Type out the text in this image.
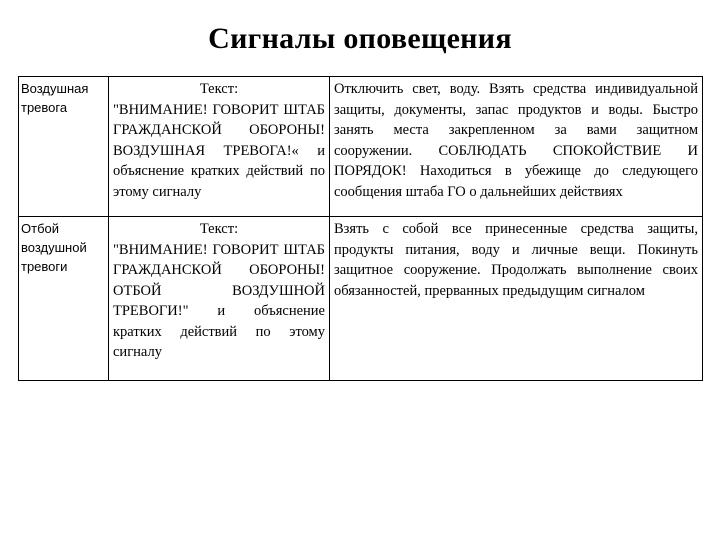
Сигналы оповещения
Воздушная
тревога	Текст:
"ВНИМАНИЕ! ГОВОРИТ ШТАБ ГРАЖДАНСКОЙ ОБОРОНЫ! ВОЗДУШНАЯ ТРЕВОГА!« и объяснение кратких действий по этому сигналу	Отключить свет, воду. Взять средства индивидуальной защиты, документы, запас продуктов и воды. Быстро занять места закрепленном за вами защитном сооружении. СОБЛЮДАТЬ СПОКОЙСТВИЕ И ПОРЯДОК! Находиться в убежище до следующего сообщения штаба ГО о дальнейших действиях

Отбой
воздушной
тревоги	Текст:
"ВНИМАНИЕ! ГОВОРИТ ШТАБ ГРАЖДАНСКОЙ ОБОРОНЫ! ОТБОЙ ВОЗДУШНОЙ ТРЕВОГИ!" и объяснение кратких действий по этому сигналу	Взять с собой все принесенные средства защиты, продукты питания, воду и личные вещи. Покинуть защитное сооружение. Продолжать выполнение своих обязанностей, прерванных предыдущим сигналом
